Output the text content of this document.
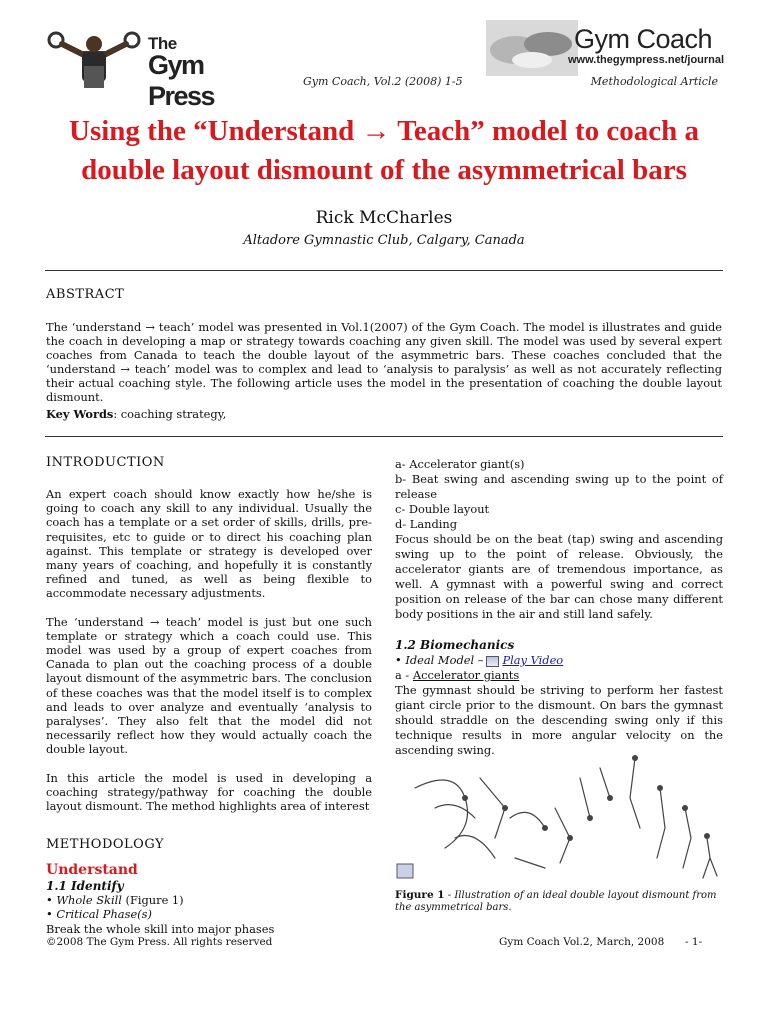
The
Gym Press
Gym Coach
www.thegympress.net/journal
Gym Coach, Vol.2 (2008) 1-5	Methodological Article
Using the “Understand → Teach” model to coach a double layout dismount of the asymmetrical bars
Rick McCharles
Altadore Gymnastic Club, Calgary, Canada
ABSTRACT

The ‘understand → teach’ model was presented in Vol.1(2007) of the Gym Coach. The model is illustrates and guide the coach in developing a map or strategy towards coaching any given skill. The model was used by several expert coaches from Canada to teach the double layout of the asymmetric bars. These coaches concluded that the ‘understand → teach’ model was to complex and lead to ‘analysis to paralysis’ as well as not accurately reflecting their actual coaching style. The following article uses the model in the presentation of coaching the double layout dismount.

Key Words: coaching strategy,
INTRODUCTION

An expert coach should know exactly how he/she is going to coach any skill to any individual. Usually the coach has a template or a set order of skills, drills, pre-requisites, etc to guide or to direct his coaching plan against. This template or strategy is developed over many years of coaching, and hopefully it is constantly refined and tuned, as well as being flexible to accommodate necessary adjustments.

The ‘understand → teach’ model is just but one such template or strategy which a coach could use. This model was used by a group of expert coaches from Canada to plan out the coaching process of a double layout dismount of the asymmetric bars. The conclusion of these coaches was that the model itself is to complex and leads to over analyze and eventually ‘analysis to paralyses’. They also felt that the model did not necessarily reflect how they would actually coach the double layout.

In this article the model is used in developing a coaching strategy/pathway for coaching the double layout dismount. The method highlights area of interest

METHODOLOGY
Understand
1.1 Identify
• Whole Skill (Figure 1)
• Critical Phase(s)
Break the whole skill into major phases
a- Accelerator giant(s)
b- Beat swing and ascending swing up to the point of release
c- Double layout
d- Landing

Focus should be on the beat (tap) swing and ascending swing up to the point of release. Obviously, the accelerator giants are of tremendous importance, as well. A gymnast with a powerful swing and correct position on release of the bar can chose many different body positions in the air and still land safely.

1.2 Biomechanics
• Ideal Model – Play Video
a - Accelerator giants

The gymnast should be striving to perform her fastest giant circle prior to the dismount. On bars the gymnast should straddle on the descending swing only if this technique results in more angular velocity on the ascending swing.

Figure 1 - Illustration of an ideal double layout dismount from the asymmetrical bars.
©2008 The Gym Press. All rights reserved	Gym Coach Vol.2, March, 2008 - 1-
